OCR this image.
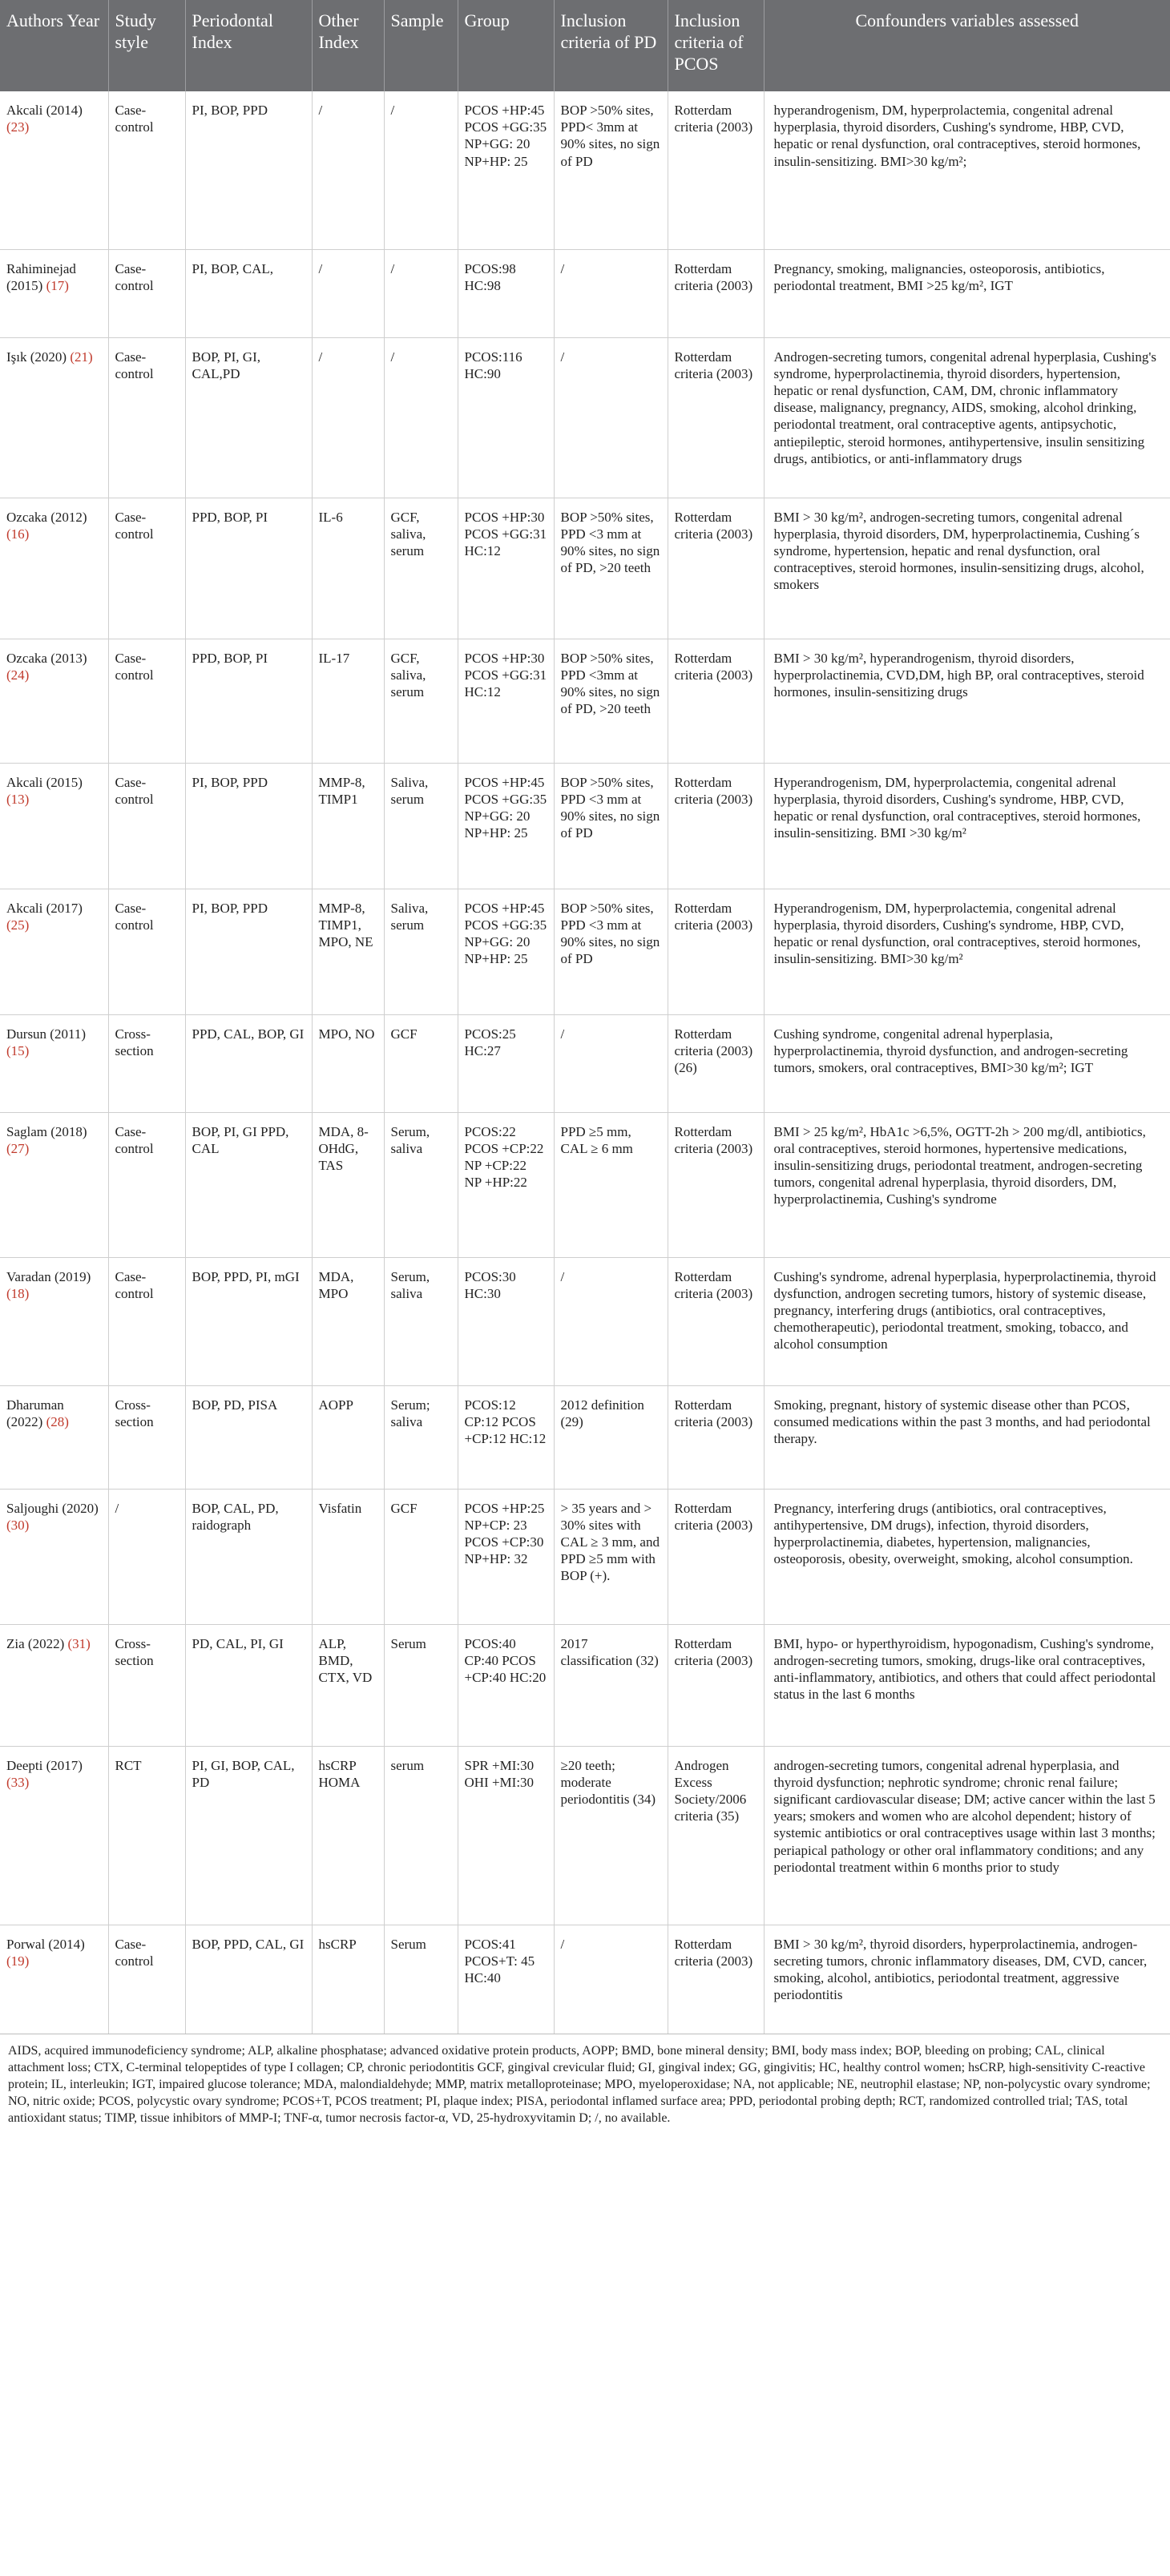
Authors Year	Study style	Periodontal Index	Other Index	Sample	Group	Inclusion criteria of PD	Inclusion criteria of PCOS	Confounders variables assessed
Akcali (2014) (23)	Case-control	PI, BOP, PPD	/	/	PCOS +HP:45 PCOS +GG:35 NP+GG: 20 NP+HP: 25	BOP >50% sites, PPD< 3mm at 90% sites, no sign of PD	Rotterdam criteria (2003)	hyperandrogenism, DM, hyperprolactemia, congenital adrenal hyperplasia, thyroid disorders, Cushing's syndrome, HBP, CVD, hepatic or renal dysfunction, oral contraceptives, steroid hormones, insulin-sensitizing. BMI>30 kg/m²;
Rahiminejad (2015) (17)	Case-control	PI, BOP, CAL,	/	/	PCOS:98 HC:98	/	Rotterdam criteria (2003)	Pregnancy, smoking, malignancies, osteoporosis, antibiotics, periodontal treatment, BMI >25 kg/m², IGT
Işık (2020) (21)	Case-control	BOP, PI, GI, CAL,PD	/	/	PCOS:116 HC:90	/	Rotterdam criteria (2003)	Androgen-secreting tumors, congenital adrenal hyperplasia, Cushing's syndrome, hyperprolactinemia, thyroid disorders, hypertension, hepatic or renal dysfunction, CAM, DM, chronic inflammatory disease, malignancy, pregnancy, AIDS, smoking, alcohol drinking, periodontal treatment, oral contraceptive agents, antipsychotic, antiepileptic, steroid hormones, antihypertensive, insulin sensitizing drugs, antibiotics, or anti-inflammatory drugs
Ozcaka (2012) (16)	Case-control	PPD, BOP, PI	IL-6	GCF, saliva, serum	PCOS +HP:30 PCOS +GG:31 HC:12	BOP >50% sites, PPD <3 mm at 90% sites, no sign of PD, >20 teeth	Rotterdam criteria (2003)	BMI > 30 kg/m², androgen-secreting tumors, congenital adrenal hyperplasia, thyroid disorders, DM, hyperprolactinemia, Cushing´s syndrome, hypertension, hepatic and renal dysfunction, oral contraceptives, steroid hormones, insulin-sensitizing drugs, alcohol, smokers
Ozcaka (2013) (24)	Case-control	PPD, BOP, PI	IL-17	GCF, saliva, serum	PCOS +HP:30 PCOS +GG:31 HC:12	BOP >50% sites, PPD <3mm at 90% sites, no sign of PD, >20 teeth	Rotterdam criteria (2003)	BMI > 30 kg/m², hyperandrogenism, thyroid disorders, hyperprolactinemia, CVD,DM, high BP, oral contraceptives, steroid hormones, insulin-sensitizing drugs
Akcali (2015) (13)	Case-control	PI, BOP, PPD	MMP-8, TIMP1	Saliva, serum	PCOS +HP:45 PCOS +GG:35 NP+GG: 20 NP+HP: 25	BOP >50% sites, PPD <3 mm at 90% sites, no sign of PD	Rotterdam criteria (2003)	Hyperandrogenism, DM, hyperprolactemia, congenital adrenal hyperplasia, thyroid disorders, Cushing's syndrome, HBP, CVD, hepatic or renal dysfunction, oral contraceptives, steroid hormones, insulin-sensitizing. BMI >30 kg/m²
Akcali (2017) (25)	Case-control	PI, BOP, PPD	MMP-8, TIMP1, MPO, NE	Saliva, serum	PCOS +HP:45 PCOS +GG:35 NP+GG: 20 NP+HP: 25	BOP >50% sites, PPD <3 mm at 90% sites, no sign of PD	Rotterdam criteria (2003)	Hyperandrogenism, DM, hyperprolactemia, congenital adrenal hyperplasia, thyroid disorders, Cushing's syndrome, HBP, CVD, hepatic or renal dysfunction, oral contraceptives, steroid hormones, insulin-sensitizing. BMI>30 kg/m²
Dursun (2011) (15)	Cross-section	PPD, CAL, BOP, GI	MPO, NO	GCF	PCOS:25 HC:27	/	Rotterdam criteria (2003) (26)	Cushing syndrome, congenital adrenal hyperplasia, hyperprolactinemia, thyroid dysfunction, and androgen-secreting tumors, smokers, oral contraceptives, BMI>30 kg/m²; IGT
Saglam (2018) (27)	Case-control	BOP, PI, GI PPD, CAL	MDA, 8-OHdG, TAS	Serum, saliva	PCOS:22 PCOS +CP:22 NP +CP:22 NP +HP:22	PPD ≥5 mm, CAL ≥ 6 mm	Rotterdam criteria (2003)	BMI > 25 kg/m², HbA1c >6,5%, OGTT-2h > 200 mg/dl, antibiotics, oral contraceptives, steroid hormones, hypertensive medications, insulin-sensitizing drugs, periodontal treatment, androgen-secreting tumors, congenital adrenal hyperplasia, thyroid disorders, DM, hyperprolactinemia, Cushing's syndrome
Varadan (2019) (18)	Case-control	BOP, PPD, PI, mGI	MDA, MPO	Serum, saliva	PCOS:30 HC:30	/	Rotterdam criteria (2003)	Cushing's syndrome, adrenal hyperplasia, hyperprolactinemia, thyroid dysfunction, androgen secreting tumors, history of systemic disease, pregnancy, interfering drugs (antibiotics, oral contraceptives, chemotherapeutic), periodontal treatment, smoking, tobacco, and alcohol consumption
Dharuman (2022) (28)	Cross-section	BOP, PD, PISA	AOPP	Serum; saliva	PCOS:12 CP:12 PCOS +CP:12 HC:12	2012 definition (29)	Rotterdam criteria (2003)	Smoking, pregnant, history of systemic disease other than PCOS, consumed medications within the past 3 months, and had periodontal therapy.
Saljoughi (2020) (30)	/	BOP, CAL, PD, raidograph	Visfatin	GCF	PCOS +HP:25 NP+CP: 23 PCOS +CP:30 NP+HP: 32	> 35 years and > 30% sites with CAL ≥ 3 mm, and PPD ≥5 mm with BOP (+).	Rotterdam criteria (2003)	Pregnancy, interfering drugs (antibiotics, oral contraceptives, antihypertensive, DM drugs), infection, thyroid disorders, hyperprolactinemia, diabetes, hypertension, malignancies, osteoporosis, obesity, overweight, smoking, alcohol consumption.
Zia (2022) (31)	Cross-section	PD, CAL, PI, GI	ALP, BMD, CTX, VD	Serum	PCOS:40 CP:40 PCOS +CP:40 HC:20	2017 classification (32)	Rotterdam criteria (2003)	BMI, hypo- or hyperthyroidism, hypogonadism, Cushing's syndrome, androgen-secreting tumors, smoking, drugs-like oral contraceptives, anti-inflammatory, antibiotics, and others that could affect periodontal status in the last 6 months
Deepti (2017) (33)	RCT	PI, GI, BOP, CAL, PD	hsCRP HOMA	serum	SPR +MI:30 OHI +MI:30	≥20 teeth; moderate periodontitis (34)	Androgen Excess Society/2006 criteria (35)	androgen-secreting tumors, congenital adrenal hyperplasia, and thyroid dysfunction; nephrotic syndrome; chronic renal failure; significant cardiovascular disease; DM; active cancer within the last 5 years; smokers and women who are alcohol dependent; history of systemic antibiotics or oral contraceptives usage within last 3 months; periapical pathology or other oral inflammatory conditions; and any periodontal treatment within 6 months prior to study
Porwal (2014) (19)	Case-control	BOP, PPD, CAL, GI	hsCRP	Serum	PCOS:41 PCOS+T: 45 HC:40	/	Rotterdam criteria (2003)	BMI > 30 kg/m², thyroid disorders, hyperprolactinemia, androgen-secreting tumors, chronic inflammatory diseases, DM, CVD, cancer, smoking, alcohol, antibiotics, periodontal treatment, aggressive periodontitis
AIDS, acquired immunodeficiency syndrome; ALP, alkaline phosphatase; advanced oxidative protein products, AOPP; BMD, bone mineral density; BMI, body mass index; BOP, bleeding on probing; CAL, clinical attachment loss; CTX, C-terminal telopeptides of type I collagen; CP, chronic periodontitis GCF, gingival crevicular fluid; GI, gingival index; GG, gingivitis; HC, healthy control women; hsCRP, high-sensitivity C-reactive protein; IL, interleukin; IGT, impaired glucose tolerance; MDA, malondialdehyde; MMP, matrix metalloproteinase; MPO, myeloperoxidase; NA, not applicable; NE, neutrophil elastase; NP, non-polycystic ovary syndrome; NO, nitric oxide; PCOS, polycystic ovary syndrome; PCOS+T, PCOS treatment; PI, plaque index; PISA, periodontal inflamed surface area; PPD, periodontal probing depth; RCT, randomized controlled trial; TAS, total antioxidant status; TIMP, tissue inhibitors of MMP-I; TNF-α, tumor necrosis factor-α, VD, 25-hydroxyvitamin D; /, no available.
